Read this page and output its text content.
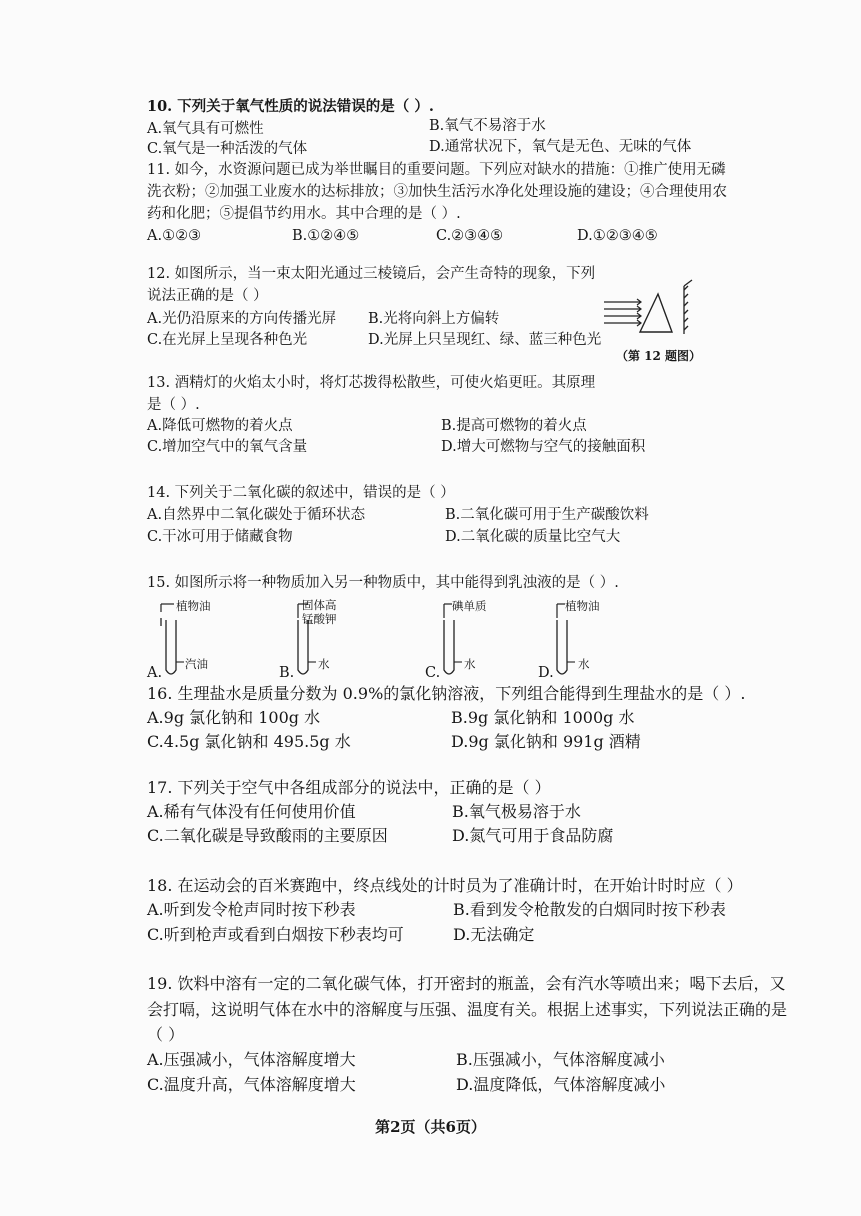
10. 下列关于氧气性质的说法错误的是（ ）.
A.氧气具有可燃性	B.氧气不易溶于水
C.氧气是一种活泼的气体	D.通常状况下，氧气是无色、无味的气体
11. 如今，水资源问题已成为举世瞩目的重要问题。下列应对缺水的措施：①推广使用无磷
洗衣粉；②加强工业废水的达标排放；③加快生活污水净化处理设施的建设；④合理使用农
药和化肥；⑤提倡节约用水。其中合理的是（ ）.
A.①②③	B.①②④⑤	C.②③④⑤	D.①②③④⑤
12. 如图所示，当一束太阳光通过三棱镜后，会产生奇特的现象，下列
说法正确的是（ ）
A.光仍沿原来的方向传播光屏 B.光将向斜上方偏转
C.在光屏上呈现各种色光	D.光屏上只呈现红、绿、蓝三种色光
（第 12 题图）
13. 酒精灯的火焰太小时，将灯芯拨得松散些，可使火焰更旺。其原理
是（ ）.
A.降低可燃物的着火点	B.提高可燃物的着火点
C.增加空气中的氧气含量	D.增大可燃物与空气的接触面积
14. 下列关于二氧化碳的叙述中，错误的是（ ）
A.自然界中二氧化碳处于循环状态	B.二氧化碳可用于生产碳酸饮料
C.干冰可用于储藏食物	D.二氧化碳的质量比空气大
15. 如图所示将一种物质加入另一种物质中，其中能得到乳浊液的是（ ）.
植物油
汽油
A.
固体高
锰酸钾
水
B.
碘单质
水
C.
植物油
水
D.
16. 生理盐水是质量分数为 0.9%的氯化钠溶液，下列组合能得到生理盐水的是（ ）.
A.9g 氯化钠和 100g 水	B.9g 氯化钠和 1000g 水
C.4.5g 氯化钠和 495.5g 水	D.9g 氯化钠和 991g 酒精
17. 下列关于空气中各组成部分的说法中，正确的是（ ）
A.稀有气体没有任何使用价值	B.氧气极易溶于水
C.二氧化碳是导致酸雨的主要原因	D.氮气可用于食品防腐
18. 在运动会的百米赛跑中，终点线处的计时员为了准确计时，在开始计时时应（ ）
A.听到发令枪声同时按下秒表	B.看到发令枪散发的白烟同时按下秒表
C.听到枪声或看到白烟按下秒表均可	D.无法确定
19. 饮料中溶有一定的二氧化碳气体，打开密封的瓶盖，会有汽水等喷出来；喝下去后，又
会打嗝，这说明气体在水中的溶解度与压强、温度有关。根据上述事实，下列说法正确的是
（ ）
A.压强减小，气体溶解度增大	B.压强减小，气体溶解度减小
C.温度升高，气体溶解度增大	D.温度降低，气体溶解度减小
第2页（共6页）
